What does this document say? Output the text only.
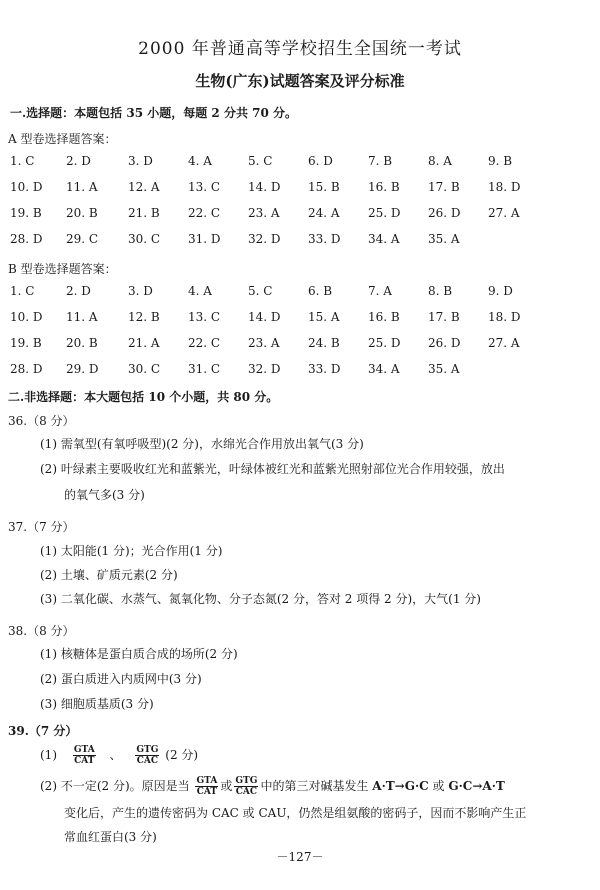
2000 年普通高等学校招生全国统一考试
生物(广东)试题答案及评分标准
一.选择题：本题包括 35 小题，每题 2 分共 70 分。
A 型卷选择题答案：
1. C	2. D	3. D	4. A	5. C	6. D	7. B	8. A	9. B
10. D 11. A	12. A 13. C 14. D 15. B 16. B 17. B 18. D
19. B 20. B	21. B 22. C 23. A 24. A 25. D 26. D 27. A
28. D 29. C 30. C 31. D 32. D 33. D 34. A 35. A
B 型卷选择题答案：
1. C	2. D	3. D	4. A	5. C	6. B	7. A	8. B	9. D
10. D 11. A	12. B 13. C 14. D 15. A 16. B 17. B 18. D
19. B 20. B	21. A 22. C 23. A 24. B 25. D 26. D 27. A
28. D 29. D 30. C 31. C 32. D 33. D 34. A 35. A
二.非选择题：本大题包括 10 个小题，共 80 分。
36.（8 分）
(1) 需氧型(有氧呼吸型)(2 分)，水绵光合作用放出氧气(3 分)
(2) 叶绿素主要吸收红光和蓝紫光，叶绿体被红光和蓝紫光照射部位光合作用较强，放出
的氧气多(3 分)
37.（7 分）
(1) 太阳能(1 分)；光合作用(1 分)
(2) 土壤、矿质元素(2 分)
(3) 二氧化碳、水蒸气、氮氧化物、分子态氮(2 分，答对 2 项得 2 分)，大气(1 分)
38.（8 分）
(1) 核糖体是蛋白质合成的场所(2 分)
(2) 蛋白质进入内质网中(3 分)
(3) 细胞质基质(3 分)
39.（7 分）
$(1) \frac{\text{GTA}}{\text{CAT}}$ 、 $\frac{\text{GTG}}{\text{CAC}} (2$ 分)
(2) 不一定(2 分)。原因是当 $\frac{\text{GTA}}{\text{CAT}}$ 或 $\frac{\text{GTG}}{\text{CAC}}$ 中的第三对碱基发生 A·T→G·C 或 G·C→A·T
变化后，产生的遗传密码为 CAC 或 CAU，仍然是组氨酸的密码子，因而不影响产生正
常血红蛋白(3 分)
－127－
